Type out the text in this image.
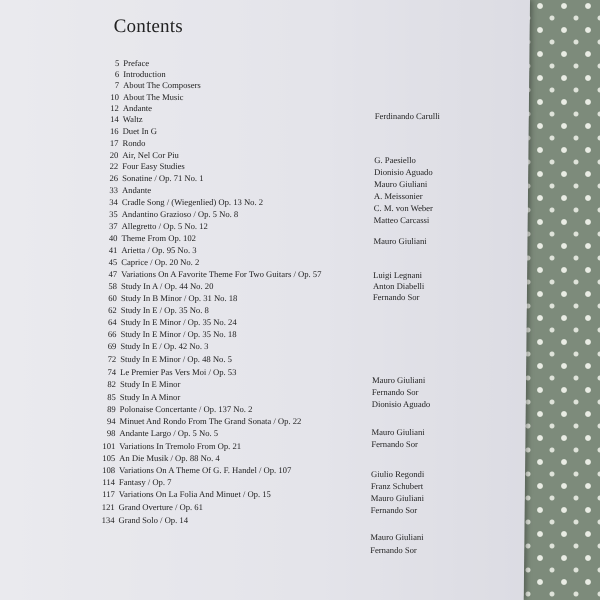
Contents
5 Preface
6 Introduction
7 About The Composers
10 About The Music
12 Andante
Ferdinando Carulli
14 Waltz
16 Duet In G
17 Rondo
20 Air, Nel Cor Piu	G. Paesiello
22 Four Easy Studies
Dionisio Aguado
26 Sonatine / Op. 71 No. 1
Mauro Giuliani
33 Andante
A. Meissonier
34 Cradle Song / (Wiegenlied) Op. 13 No. 2
C. M. von Weber
35 Andantino Grazioso / Op. 5 No. 8
Matteo Carcassi
37 Allegretto / Op. 5 No. 12
40 Theme From Op. 102	Mauro Giuliani
41 Arietta / Op. 95 No. 3
45 Caprice / Op. 20 No. 2
Luigi Legnani
47 Variations On A Favorite Theme For Two Guitars / Op. 57
Anton Diabelli
58 Study In A / Op. 44 No. 20
Fernando Sor
60 Study In B Minor / Op. 31 No. 18
62 Study In E / Op. 35 No. 8
64 Study In E Minor / Op. 35 No. 24
66 Study In E Minor / Op. 35 No. 18
69 Study In E / Op. 42 No. 3
72 Study In E Minor / Op. 48 No. 5
Mauro Giuliani
74 Le Premier Pas Vers Moi / Op. 53
Fernando Sor
82 Study In E Minor
Dionisio Aguado
85 Study In A Minor
89 Polonaise Concertante / Op. 137 No. 2
Mauro Giuliani
94 Minuet And Rondo From The Grand Sonata / Op. 22
Fernando Sor
98 Andante Largo / Op. 5 No. 5
101 Variations In Tremolo From Op. 21
Giulio Regondi
105 An Die Musik / Op. 88 No. 4
Franz Schubert
108 Variations On A Theme Of G. F. Handel / Op. 107
Mauro Giuliani
114 Fantasy / Op. 7
Fernando Sor
117 Variations On La Folia And Minuet / Op. 15
121 Grand Overture / Op. 61
Mauro Giuliani
134 Grand Solo / Op. 14
Fernando Sor
